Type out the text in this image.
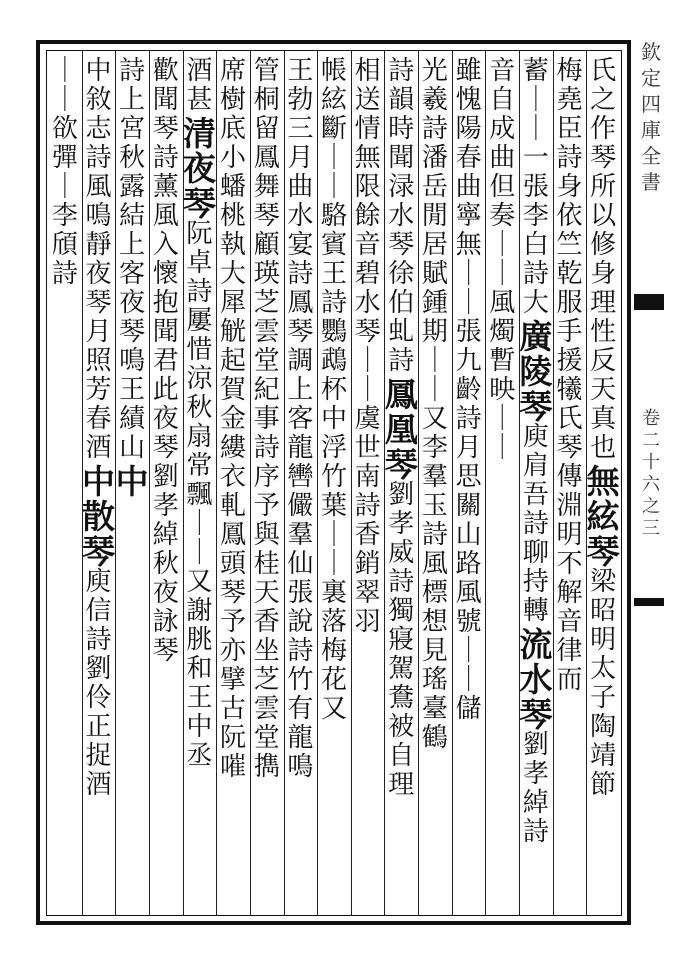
欽
定
四
庫
全
書
卷
二
十
六
之
三
氏
之
作
琴
所
以
修
身
理
性
反
天
真
也
無
絃
琴
梁
昭
明
太
子
陶
靖
節
梅
堯
臣
詩
身
依
竺
乾
服
手
援
犧
氏
琴
傳
淵
明
不
解
音
律
而
蓄
｜
｜
一
張
李
白
詩
大
廣
陵
琴
庾
肩
吾
詩
聊
持
轉
流
水
琴
劉
孝
綽
詩
音
自
成
曲
但
奏
｜
｜
風
燭
暫
映
｜
｜
雖
愧
陽
春
曲
寧
無
｜
｜
張
九
齡
詩
月
思
關
山
路
風
號
｜
｜
儲
光
羲
詩
潘
岳
閒
居
賦
鍾
期
｜
｜
又
李
羣
玉
詩
風
標
想
見
瑤
臺
鶴
詩
韻
時
聞
渌
水
琴
徐
伯
虬
詩
鳳
凰
琴
劉
孝
威
詩
獨
寢
駕
鴦
被
自
理
相
送
情
無
限
餘
音
碧
水
琴
｜
｜
虞
世
南
詩
香
銷
翠
羽
帳
絃
斷
｜
｜
駱
賓
王
詩
鸚
鵡
杯
中
浮
竹
葉
｜
｜
裏
落
梅
花
又
王
勃
三
月
曲
水
宴
詩
鳳
琴
調
上
客
龍
轡
儼
羣
仙
張
說
詩
竹
有
龍
鳴
管
桐
留
鳳
舞
琴
顧
瑛
芝
雲
堂
紀
事
詩
序
予
與
桂
天
香
坐
芝
雲
堂
擕
席
樹
底
小
蟠
桃
執
大
犀
觥
起
賀
金
縷
衣
軋
鳳
頭
琴
予
亦
擘
古
阮
嗺
酒
甚
清
夜
琴
阮
卓
詩
屢
惜
涼
秋
扇
常
飄
｜
｜
又
謝
朓
和
王
中
丞
歡
聞
琴
詩
薰
風
入
懷
抱
聞
君
此
夜
琴
劉
孝
綽
秋
夜
詠
琴
詩
上
宮
秋
露
結
上
客
夜
琴
鳴
王
績
山
中
中
敘
志
詩
風
鳴
靜
夜
琴
月
照
芳
春
酒
中
散
琴
庾
信
詩
劉
伶
正
捉
酒
｜
｜
欲
彈
｜
李
頎
詩
